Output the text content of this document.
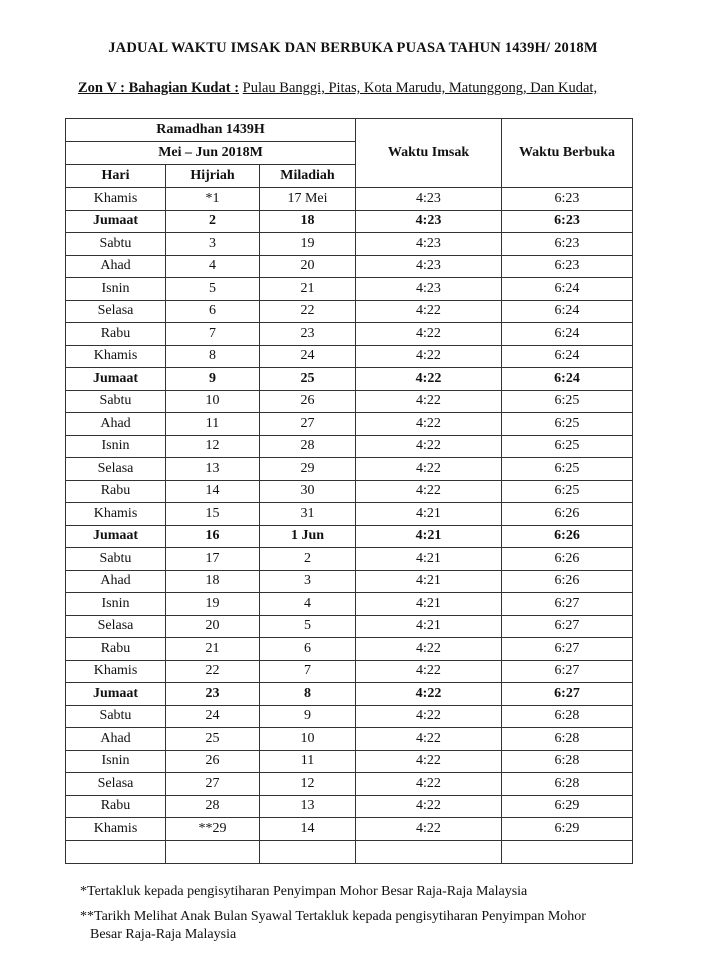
JADUAL WAKTU IMSAK DAN BERBUKA PUASA TAHUN 1439H/ 2018M
Zon V : Bahagian Kudat : Pulau Banggi, Pitas, Kota Marudu, Matunggong, Dan Kudat,
Ramadhan 1439H			Waktu Imsak	Waktu Berbuka
Mei – Jun 2018M				
Hari	Hijriah	Miladiah		
Khamis	*1	17 Mei	4:23	6:23
Jumaat	2	18	4:23	6:23
Sabtu	3	19	4:23	6:23
Ahad	4	20	4:23	6:23
Isnin	5	21	4:23	6:24
Selasa	6	22	4:22	6:24
Rabu	7	23	4:22	6:24
Khamis	8	24	4:22	6:24
Jumaat	9	25	4:22	6:24
Sabtu	10	26	4:22	6:25
Ahad	11	27	4:22	6:25
Isnin	12	28	4:22	6:25
Selasa	13	29	4:22	6:25
Rabu	14	30	4:22	6:25
Khamis	15	31	4:21	6:26
Jumaat	16	1 Jun	4:21	6:26
Sabtu	17	2	4:21	6:26
Ahad	18	3	4:21	6:26
Isnin	19	4	4:21	6:27
Selasa	20	5	4:21	6:27
Rabu	21	6	4:22	6:27
Khamis	22	7	4:22	6:27
Jumaat	23	8	4:22	6:27
Sabtu	24	9	4:22	6:28
Ahad	25	10	4:22	6:28
Isnin	26	11	4:22	6:28
Selasa	27	12	4:22	6:28
Rabu	28	13	4:22	6:29
Khamis	**29	14	4:22	6:29

*Tertakluk kepada pengisytiharan Penyimpan Mohor Besar Raja-Raja Malaysia
**Tarikh Melihat Anak Bulan Syawal Tertakluk kepada pengisytiharan Penyimpan Mohor
Besar Raja-Raja Malaysia
